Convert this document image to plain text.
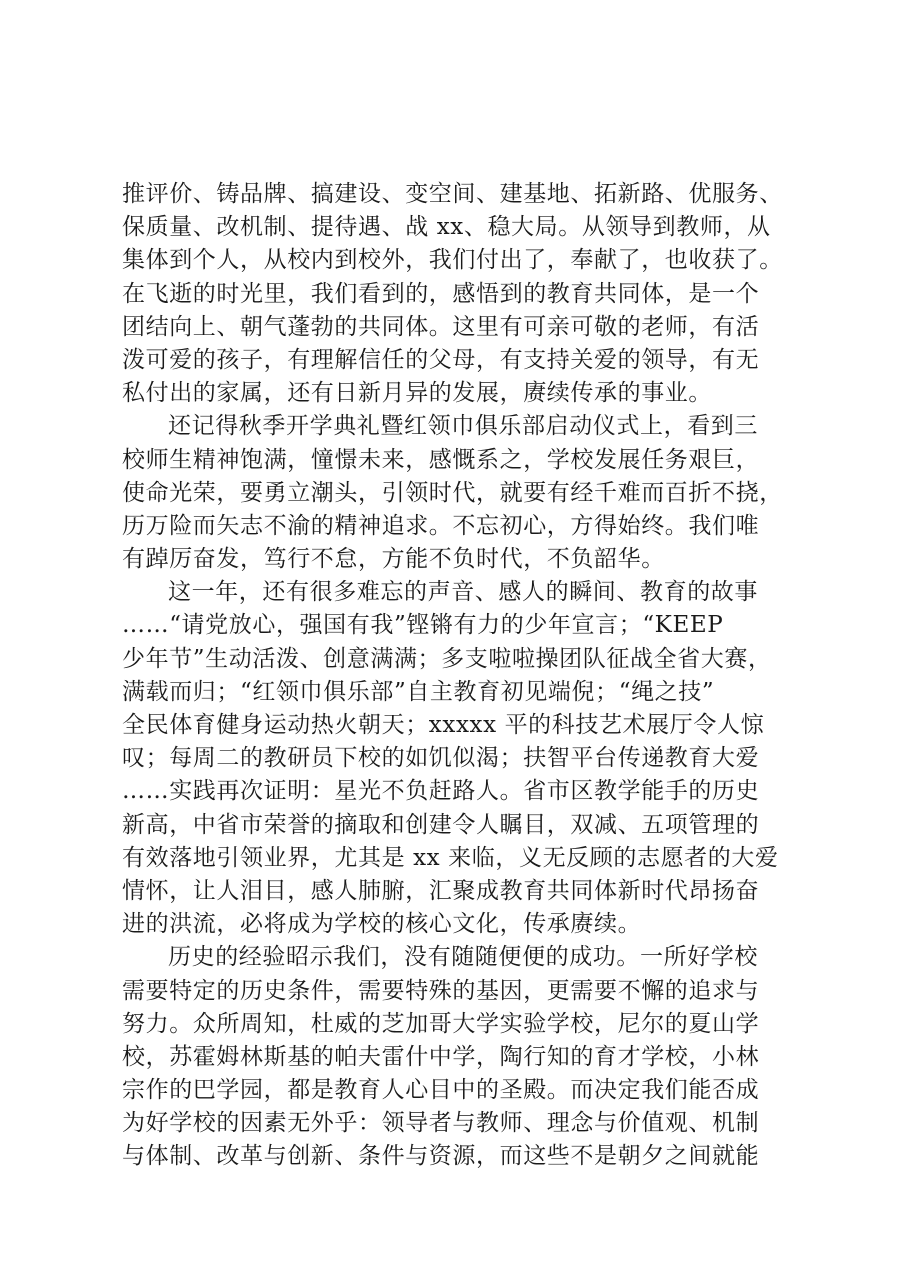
推评价、铸品牌、搞建设、变空间、建基地、拓新路、优服务、
保质量、改机制、提待遇、战 xx、稳大局。从领导到教师，从
集体到个人，从校内到校外，我们付出了，奉献了，也收获了。
在飞逝的时光里，我们看到的，感悟到的教育共同体，是一个
团结向上、朝气蓬勃的共同体。这里有可亲可敬的老师，有活
泼可爱的孩子，有理解信任的父母，有支持关爱的领导，有无
私付出的家属，还有日新月异的发展，赓续传承的事业。
还记得秋季开学典礼暨红领巾俱乐部启动仪式上，看到三
校师生精神饱满，憧憬未来，感慨系之，学校发展任务艰巨，
使命光荣，要勇立潮头，引领时代，就要有经千难而百折不挠，
历万险而矢志不渝的精神追求。不忘初心，方得始终。我们唯
有踔厉奋发，笃行不怠，方能不负时代，不负韶华。
这一年，还有很多难忘的声音、感人的瞬间、教育的故事
……“请党放心，强国有我”铿锵有力的少年宣言；“KEEP
少年节”生动活泼、创意满满；多支啦啦操团队征战全省大赛，
满载而归；“红领巾俱乐部”自主教育初见端倪；“绳之技”
全民体育健身运动热火朝天；xxxxx 平的科技艺术展厅令人惊
叹；每周二的教研员下校的如饥似渴；扶智平台传递教育大爱
……实践再次证明：星光不负赶路人。省市区教学能手的历史
新高，中省市荣誉的摘取和创建令人瞩目，双减、五项管理的
有效落地引领业界，尤其是 xx 来临，义无反顾的志愿者的大爱
情怀，让人泪目，感人肺腑，汇聚成教育共同体新时代昂扬奋
进的洪流，必将成为学校的核心文化，传承赓续。
历史的经验昭示我们，没有随随便便的成功。一所好学校
需要特定的历史条件，需要特殊的基因，更需要不懈的追求与
努力。众所周知，杜威的芝加哥大学实验学校，尼尔的夏山学
校，苏霍姆林斯基的帕夫雷什中学，陶行知的育才学校，小林
宗作的巴学园，都是教育人心目中的圣殿。而决定我们能否成
为好学校的因素无外乎：领导者与教师、理念与价值观、机制
与体制、改革与创新、条件与资源，而这些不是朝夕之间就能
